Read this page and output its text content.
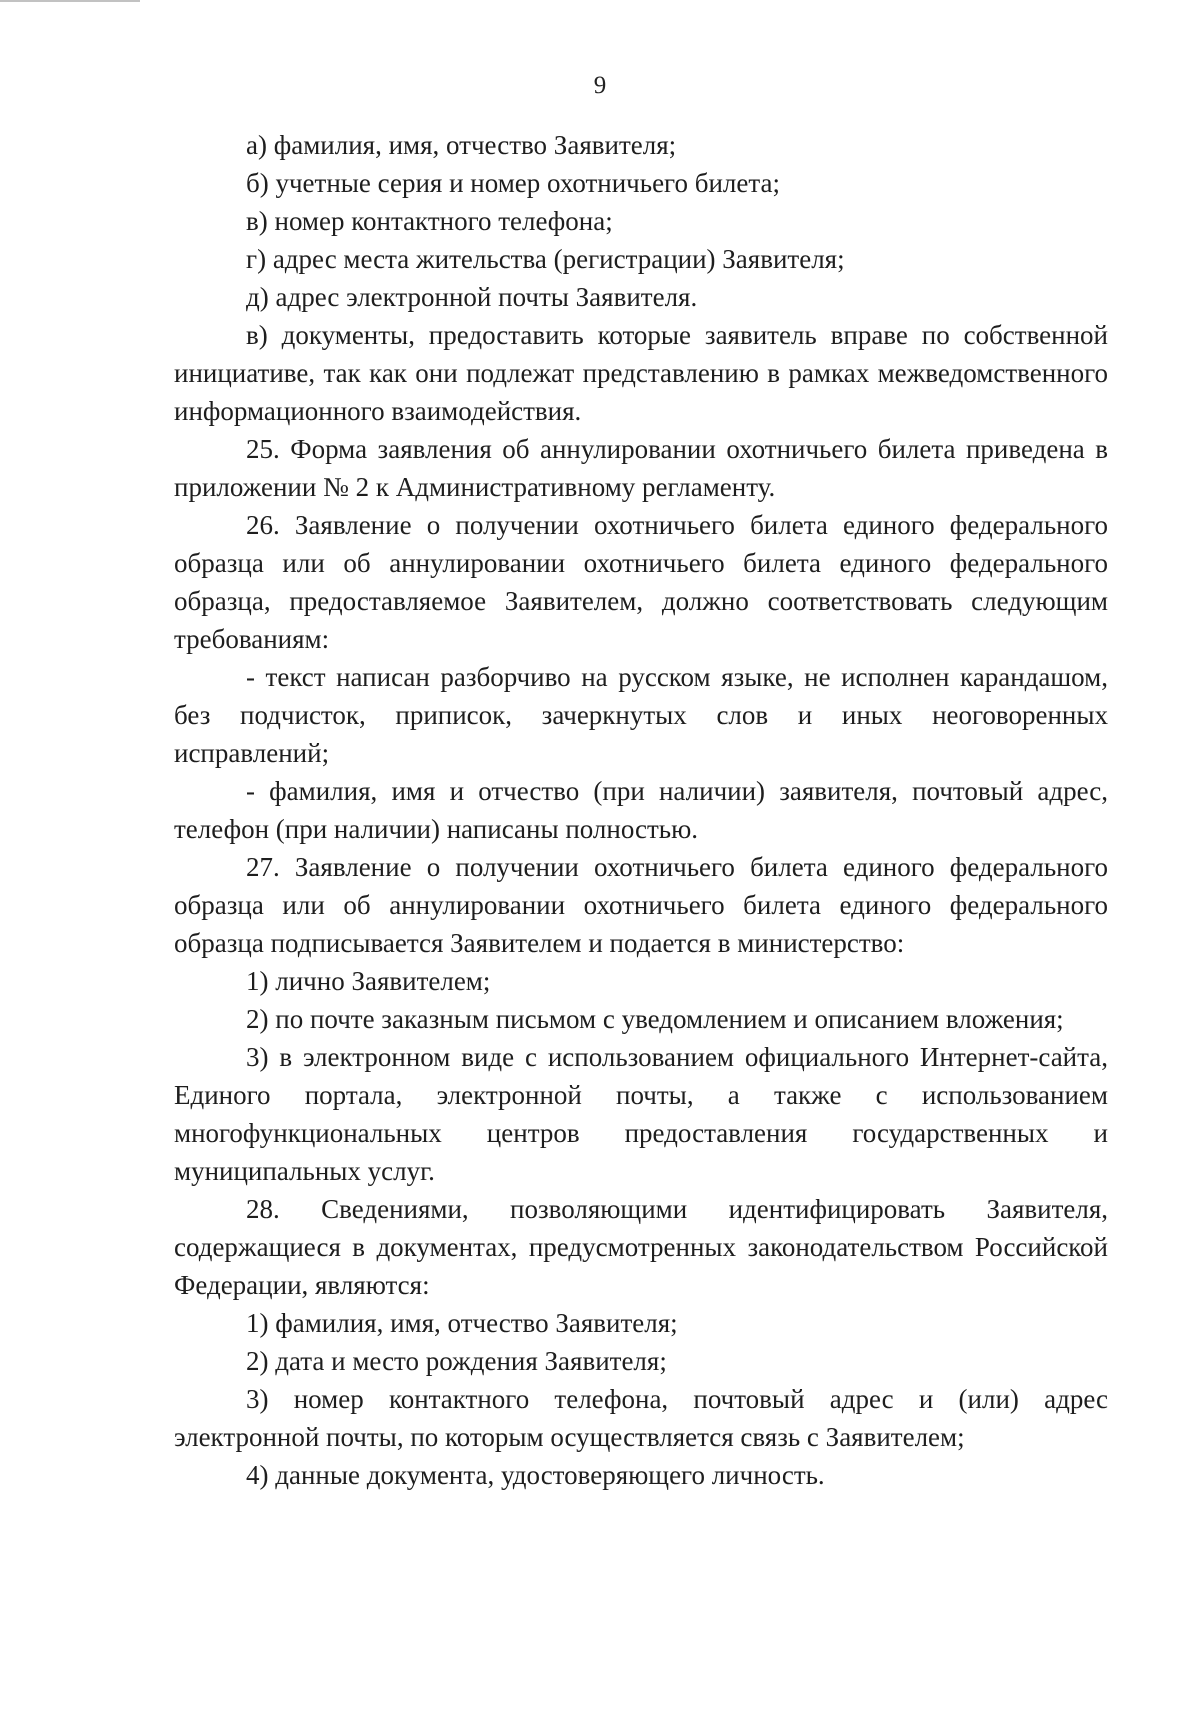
9

а) фамилия, имя, отчество Заявителя;

б) учетные серия и номер охотничьего билета;

в) номер контактного телефона;

г) адрес места жительства (регистрации) Заявителя;

д) адрес электронной почты Заявителя.

в) документы, предоставить которые заявитель вправе по собственной инициативе, так как они подлежат представлению в рамках межведомственного информационного взаимодействия.

25. Форма заявления об аннулировании охотничьего билета приведена в приложении № 2 к Административному регламенту.

26. Заявление о получении охотничьего билета единого федерального образца или об аннулировании охотничьего билета единого федерального образца, предоставляемое Заявителем, должно соответствовать следующим требованиям:

- текст написан разборчиво на русском языке, не исполнен карандашом, без подчисток, приписок, зачеркнутых слов и иных неоговоренных исправлений;

- фамилия, имя и отчество (при наличии) заявителя, почтовый адрес, телефон (при наличии) написаны полностью.

27. Заявление о получении охотничьего билета единого федерального образца или об аннулировании охотничьего билета единого федерального образца подписывается Заявителем и подается в министерство:

1) лично Заявителем;

2) по почте заказным письмом с уведомлением и описанием вложения;

3) в электронном виде с использованием официального Интернет-сайта, Единого портала, электронной почты, а также с использованием многофункциональных центров предоставления государственных и муниципальных услуг.

28. Сведениями, позволяющими идентифицировать Заявителя, содержащиеся в документах, предусмотренных законодательством Российской Федерации, являются:

1) фамилия, имя, отчество Заявителя;

2) дата и место рождения Заявителя;

3) номер контактного телефона, почтовый адрес и (или) адрес электронной почты, по которым осуществляется связь с Заявителем;

4) данные документа, удостоверяющего личность.
